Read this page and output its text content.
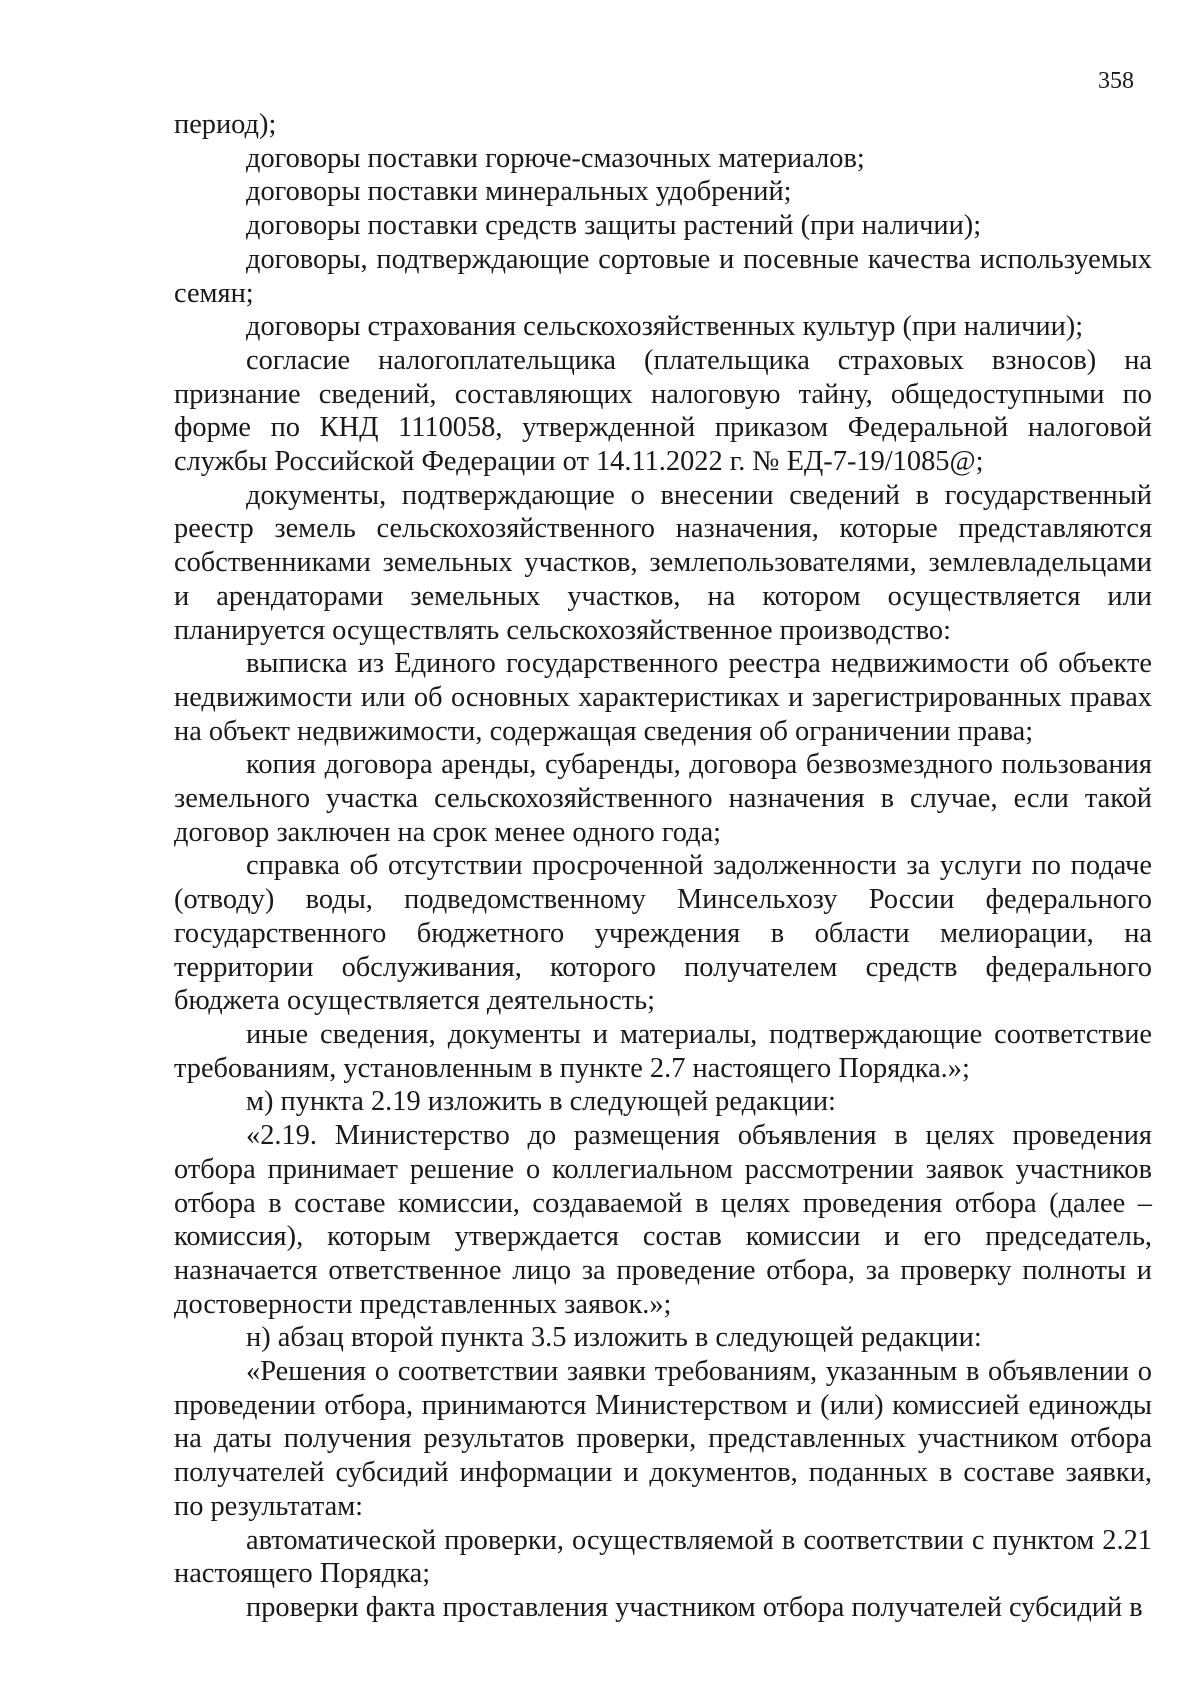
358

период);

договоры поставки горюче-смазочных материалов;

договоры поставки минеральных удобрений;

договоры поставки средств защиты растений (при наличии);

договоры, подтверждающие сортовые и посевные качества используемых семян;

договоры страхования сельскохозяйственных культур (при наличии);

согласие налогоплательщика (плательщика страховых взносов) на признание сведений, составляющих налоговую тайну, общедоступными по форме по КНД 1110058, утвержденной приказом Федеральной налоговой службы Российской Федерации от 14.11.2022 г. № ЕД-7-19/1085@;

документы, подтверждающие о внесении сведений в государственный реестр земель сельскохозяйственного назначения, которые представляются собственниками земельных участков, землепользователями, землевладельцами и арендаторами земельных участков, на котором осуществляется или планируется осуществлять сельскохозяйственное производство:

выписка из Единого государственного реестра недвижимости об объекте недвижимости или об основных характеристиках и зарегистрированных правах на объект недвижимости, содержащая сведения об ограничении права;

копия договора аренды, субаренды, договора безвозмездного пользования земельного участка сельскохозяйственного назначения в случае, если такой договор заключен на срок менее одного года;

справка об отсутствии просроченной задолженности за услуги по подаче (отводу) воды, подведомственному Минсельхозу России федерального государственного бюджетного учреждения в области мелиорации, на территории обслуживания, которого получателем средств федерального бюджета осуществляется деятельность;

иные сведения, документы и материалы, подтверждающие соответствие требованиям, установленным в пункте 2.7 настоящего Порядка.»;

м) пункта 2.19 изложить в следующей редакции:

«2.19. Министерство до размещения объявления в целях проведения отбора принимает решение о коллегиальном рассмотрении заявок участников отбора в составе комиссии, создаваемой в целях проведения отбора (далее – комиссия), которым утверждается состав комиссии и его председатель, назначается ответственное лицо за проведение отбора, за проверку полноты и достоверности представленных заявок.»;

н) абзац второй пункта 3.5 изложить в следующей редакции:

«Решения о соответствии заявки требованиям, указанным в объявлении о проведении отбора, принимаются Министерством и (или) комиссией единожды на даты получения результатов проверки, представленных участником отбора получателей субсидий информации и документов, поданных в составе заявки, по результатам:

автоматической проверки, осуществляемой в соответствии с пунктом 2.21 настоящего Порядка;

проверки факта проставления участником отбора получателей субсидий в
